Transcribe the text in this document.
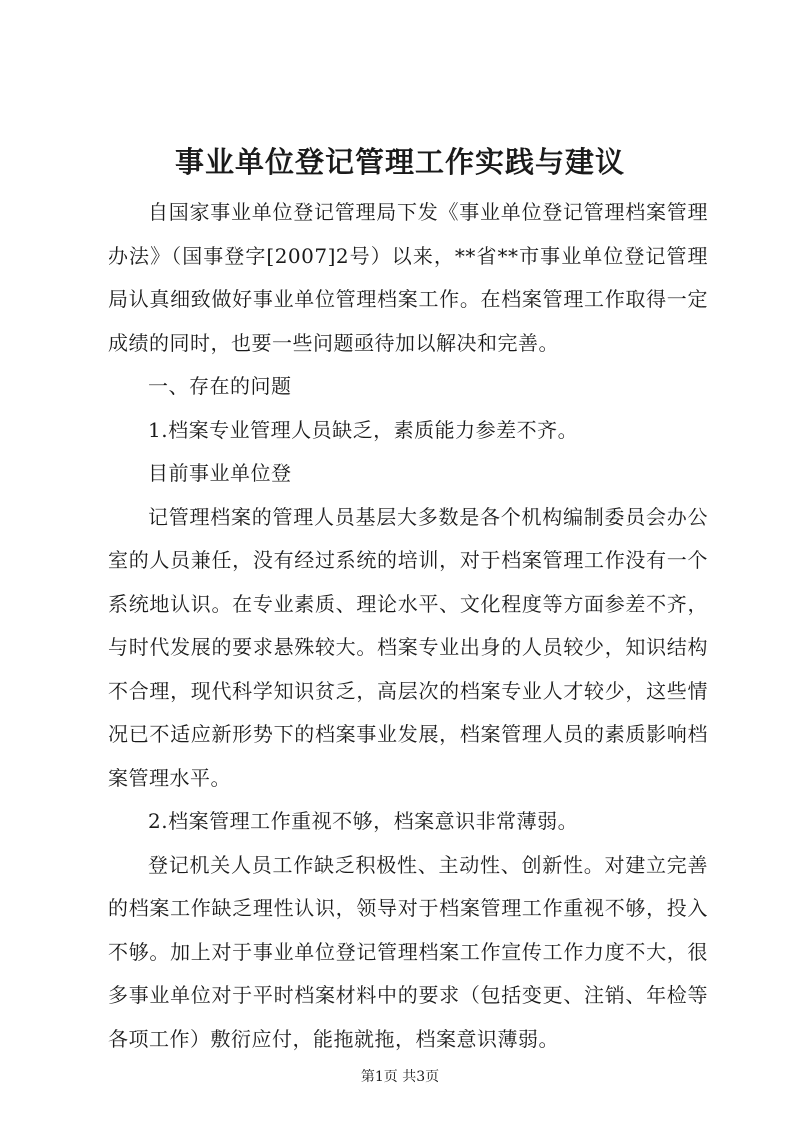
事业单位登记管理工作实践与建议

自国家事业单位登记管理局下发《事业单位登记管理档案管理办法》（国事登字[2007]2号）以来，**省**市事业单位登记管理局认真细致做好事业单位管理档案工作。在档案管理工作取得一定成绩的同时，也要一些问题亟待加以解决和完善。

一、存在的问题

1.档案专业管理人员缺乏，素质能力参差不齐。

目前事业单位登

记管理档案的管理人员基层大多数是各个机构编制委员会办公室的人员兼任，没有经过系统的培训，对于档案管理工作没有一个系统地认识。在专业素质、理论水平、文化程度等方面参差不齐，与时代发展的要求悬殊较大。档案专业出身的人员较少，知识结构不合理，现代科学知识贫乏，高层次的档案专业人才较少，这些情况已不适应新形势下的档案事业发展，档案管理人员的素质影响档案管理水平。

2.档案管理工作重视不够，档案意识非常薄弱。

登记机关人员工作缺乏积极性、主动性、创新性。对建立完善的档案工作缺乏理性认识，领导对于档案管理工作重视不够，投入不够。加上对于事业单位登记管理档案工作宣传工作力度不大，很多事业单位对于平时档案材料中的要求（包括变更、注销、年检等各项工作）敷衍应付，能拖就拖，档案意识薄弱。

第1页 共3页
